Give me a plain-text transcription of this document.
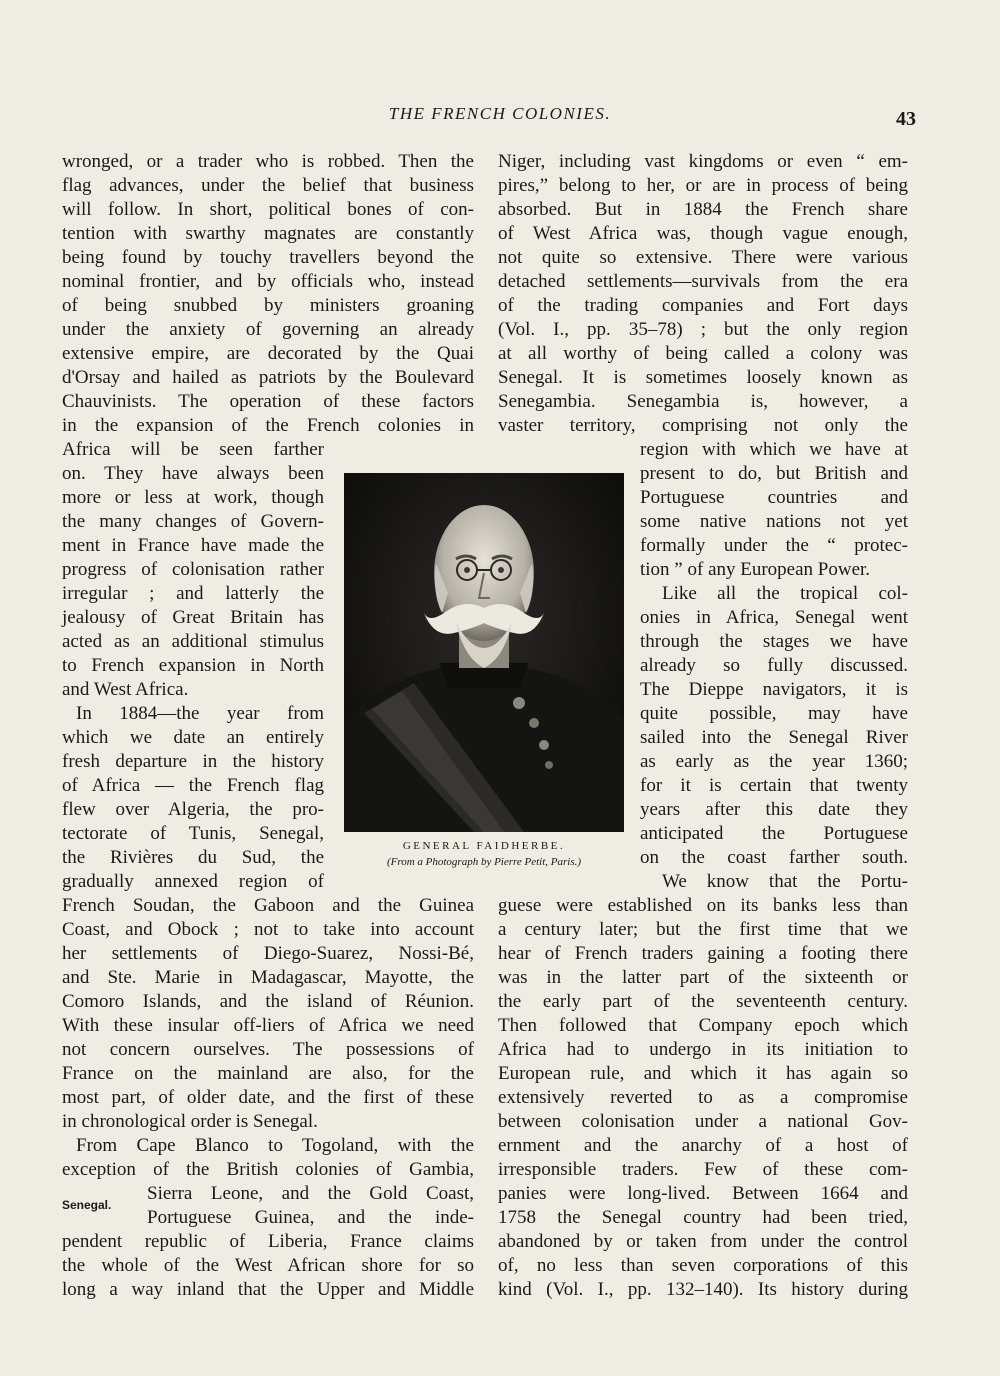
THE FRENCH COLONIES.	43
wronged, or a trader who is robbed. Then the
flag advances, under the belief that business
will follow. In short, political bones of con-
tention with swarthy magnates are constantly
being found by touchy travellers beyond the
nominal frontier, and by officials who, instead
of being snubbed by ministers groaning
under the anxiety of governing an already
extensive empire, are decorated by the Quai
d'Orsay and hailed as patriots by the Boulevard
Chauvinists. The operation of these factors
in the expansion of the French colonies in
Africa will be seen farther
on. They have always been
more or less at work, though
the many changes of Govern-
ment in France have made the
progress of colonisation rather
irregular ; and latterly the
jealousy of Great Britain has
acted as an additional stimulus
to French expansion in North
and West Africa.
In 1884—the year from
which we date an entirely
fresh departure in the history
of Africa — the French flag
flew over Algeria, the pro-
tectorate of Tunis, Senegal,
the Rivières du Sud, the
gradually annexed region of
French Soudan, the Gaboon and the Guinea
Coast, and Obock ; not to take into account
her settlements of Diego-Suarez, Nossi-Bé,
and Ste. Marie in Madagascar, Mayotte, the
Comoro Islands, and the island of Réunion.
With these insular off-liers of Africa we need
not concern ourselves. The possessions of
France on the mainland are also, for the
most part, of older date, and the first of these
in chronological order is Senegal.
From Cape Blanco to Togoland, with the
exception of the British colonies of Gambia,
Sierra Leone, and the Gold Coast,
Portuguese Guinea, and the inde-
pendent republic of Liberia, France claims
the whole of the West African shore for so
long a way inland that the Upper and Middle
Niger, including vast kingdoms or even “ em-
pires,” belong to her, or are in process of being
absorbed. But in 1884 the French share
of West Africa was, though vague enough,
not quite so extensive. There were various
detached settlements—survivals from the era
of the trading companies and Fort days
(Vol. I., pp. 35–78) ; but the only region
at all worthy of being called a colony was
Senegal. It is sometimes loosely known as
Senegambia. Senegambia is, however, a
vaster territory, comprising not only the
region with which we have at
present to do, but British and
Portuguese countries and
some native nations not yet
formally under the “ protec-
tion ” of any European Power.
Like all the tropical col-
onies in Africa, Senegal went
through the stages we have
already so fully discussed.
The Dieppe navigators, it is
quite possible, may have
sailed into the Senegal River
as early as the year 1360;
for it is certain that twenty
years after this date they
anticipated the Portuguese
on the coast farther south.
We know that the Portu-
guese were established on its banks less than
a century later; but the first time that we
hear of French traders gaining a footing there
was in the latter part of the sixteenth or
the early part of the seventeenth century.
Then followed that Company epoch which
Africa had to undergo in its initiation to
European rule, and which it has again so
extensively reverted to as a compromise
between colonisation under a national Gov-
ernment and the anarchy of a host of
irresponsible traders. Few of these com-
panies were long-lived. Between 1664 and
1758 the Senegal country had been tried,
abandoned by or taken from under the control
of, no less than seven corporations of this
kind (Vol. I., pp. 132–140). Its history during
Senegal.
GENERAL FAIDHERBE.
(From a Photograph by Pierre Petit, Paris.)
